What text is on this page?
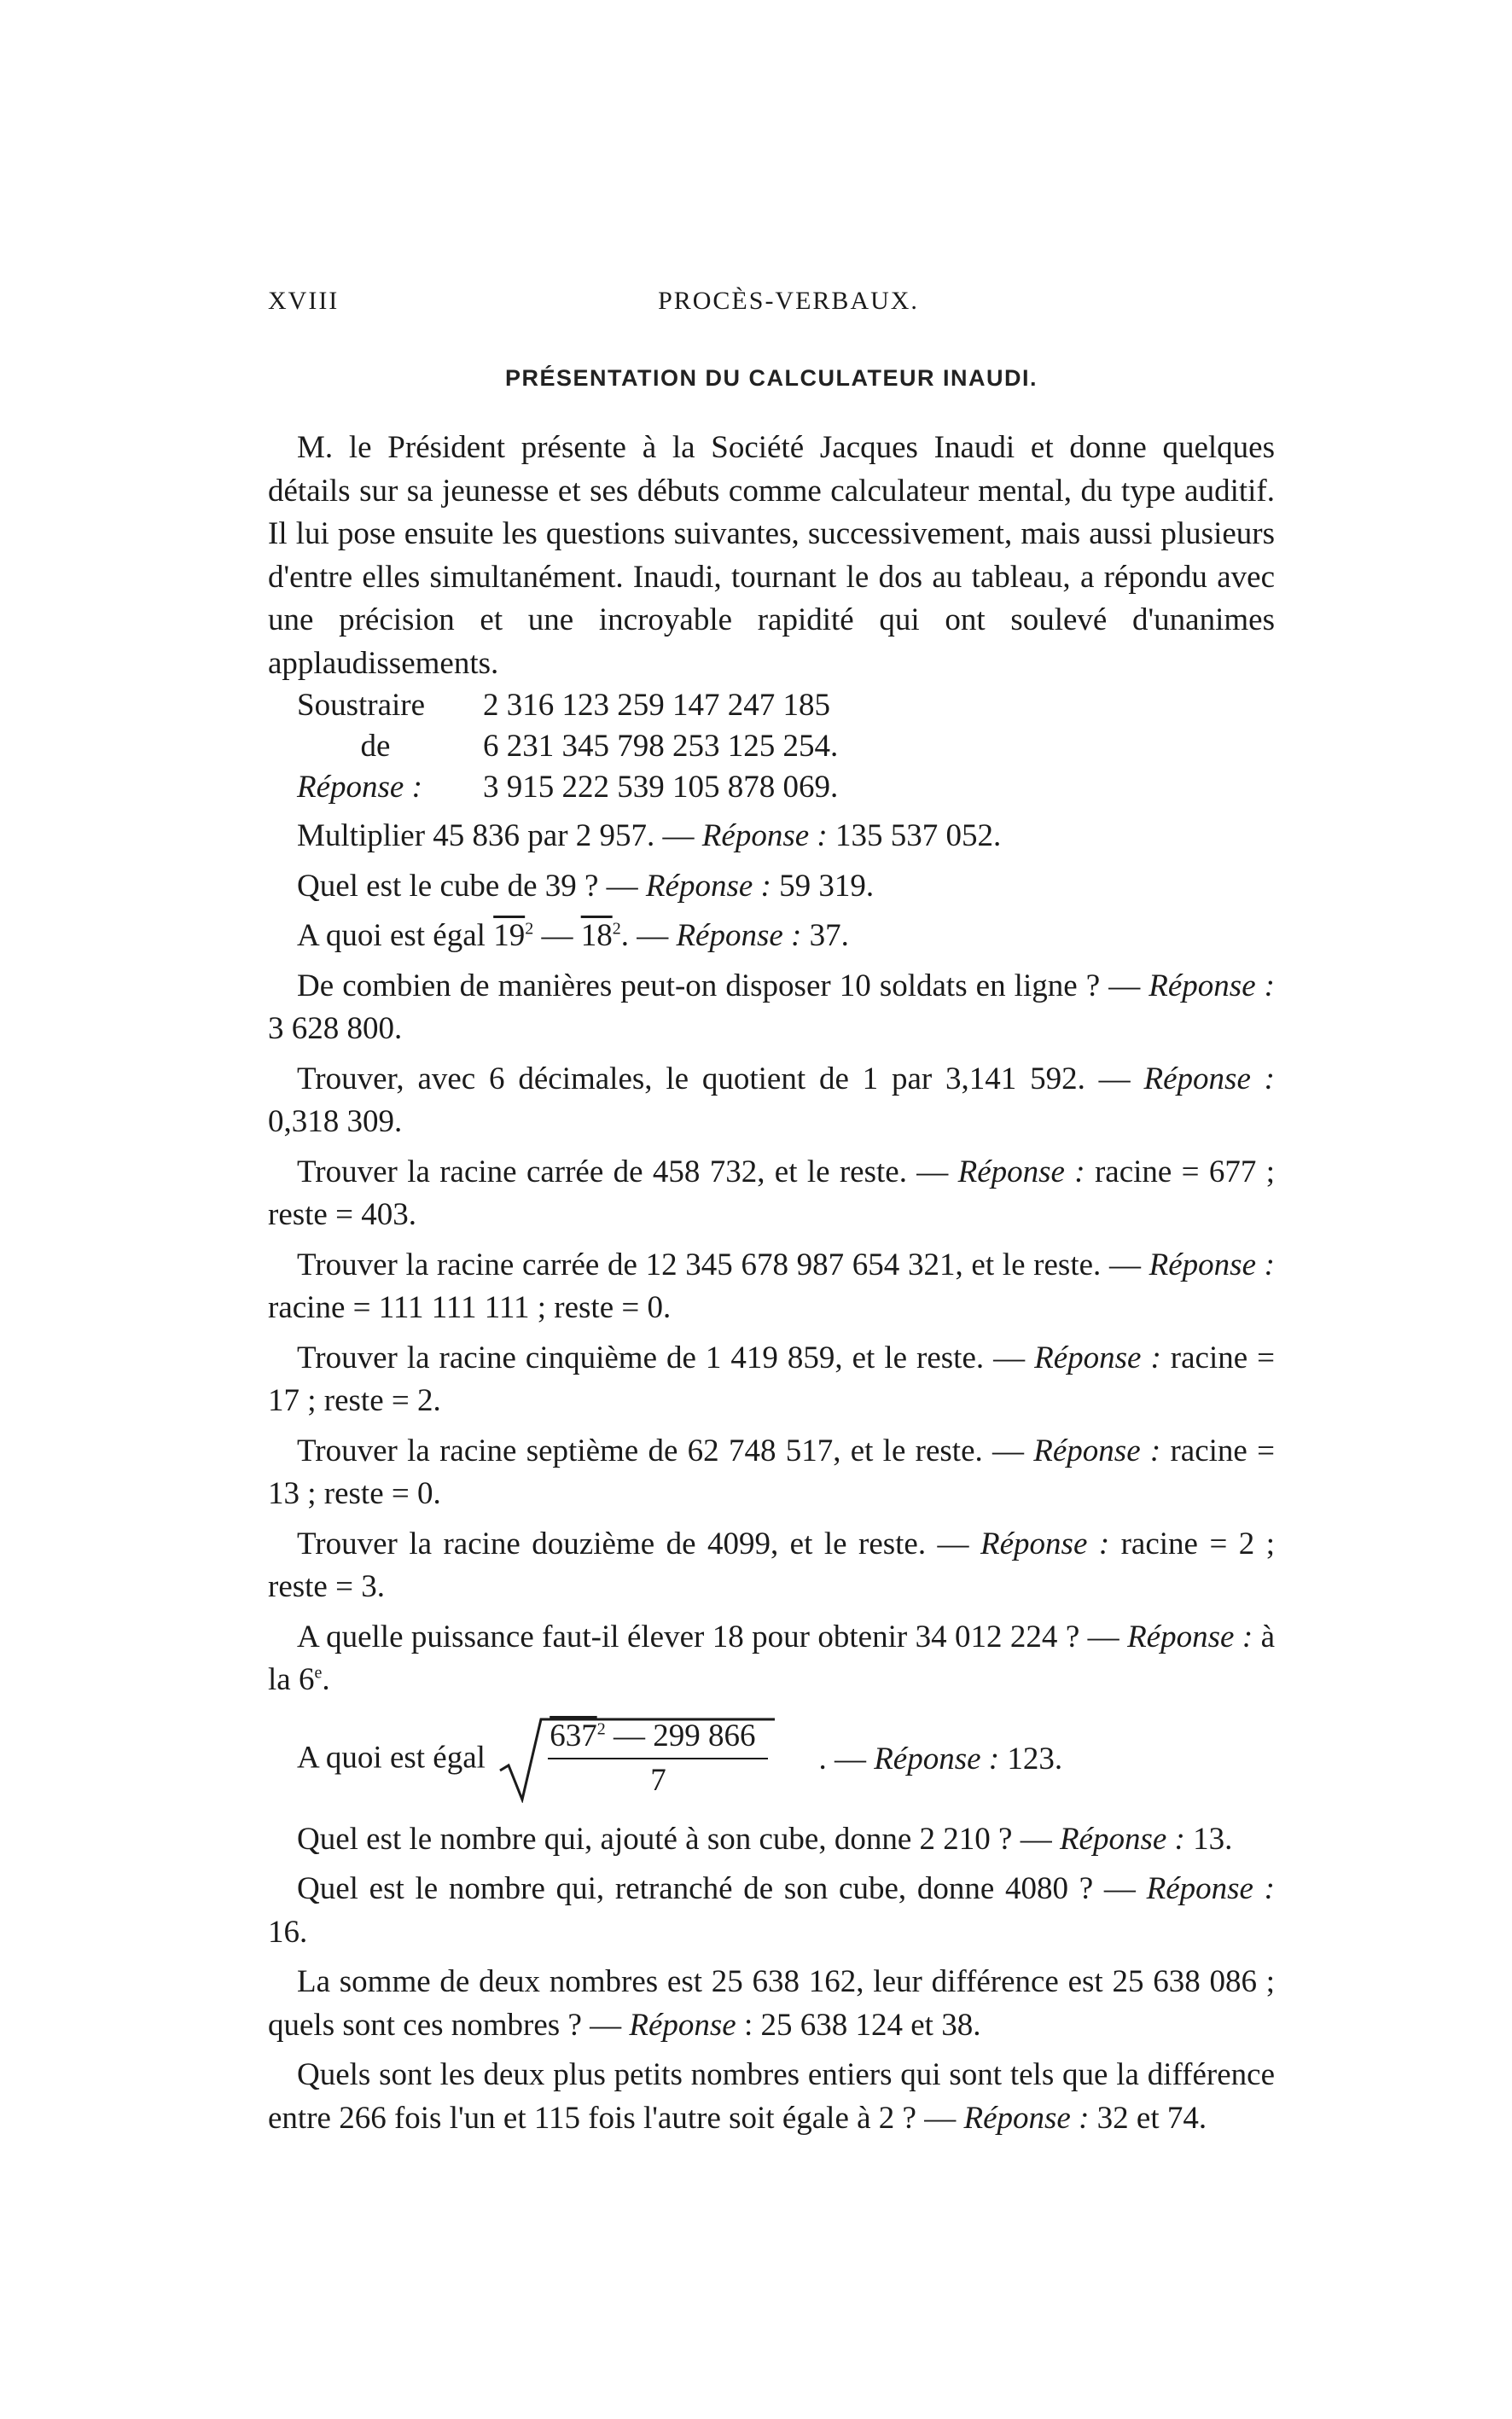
XVIII	PROCÈS-VERBAUX.
PRÉSENTATION DU CALCULATEUR INAUDI.

M. le Président présente à la Société Jacques Inaudi et donne quelques détails sur sa jeunesse et ses débuts comme calculateur mental, du type auditif. Il lui pose ensuite les questions suivantes, successivement, mais aussi plusieurs d'entre elles simultanément. Inaudi, tournant le dos au tableau, a répondu avec une précision et une incroyable rapidité qui ont soulevé d'unanimes applaudissements.

Soustraire	2 316 123 259 147 247 185
de	6 231 345 798 253 125 254.
Réponse :	3 915 222 539 105 878 069.

Multiplier 45 836 par 2 957. — Réponse : 135 537 052.

Quel est le cube de 39 ? — Réponse : 59 319.

A quoi est égal $19^2$ — $18^2$. — Réponse : 37.

De combien de manières peut-on disposer 10 soldats en ligne ? — Réponse : 3 628 800.

Trouver, avec 6 décimales, le quotient de 1 par 3,141 592. — Réponse : 0,318 309.

Trouver la racine carrée de 458 732, et le reste. — Réponse : racine = 677 ; reste = 403.

Trouver la racine carrée de 12 345 678 987 654 321, et le reste. — Réponse : racine = 111 111 111 ; reste = 0.

Trouver la racine cinquième de 1 419 859, et le reste. — Réponse : racine = 17 ; reste = 2.

Trouver la racine septième de 62 748 517, et le reste. — Réponse : racine = 13 ; reste = 0.

Trouver la racine douzième de 4099, et le reste. — Réponse : racine = 2 ; reste = 3.

A quelle puissance faut-il élever 18 pour obtenir 34 012 224 ? — Réponse : à la 6e.

A quoi est égal
$637^2$ — 299 866
7
. — Réponse : 123.

Quel est le nombre qui, ajouté à son cube, donne 2 210 ? — Réponse : 13.

Quel est le nombre qui, retranché de son cube, donne 4080 ? — Réponse : 16.

La somme de deux nombres est 25 638 162, leur différence est 25 638 086 ; quels sont ces nombres ? — Réponse : 25 638 124 et 38.

Quels sont les deux plus petits nombres entiers qui sont tels que la différence entre 266 fois l'un et 115 fois l'autre soit égale à 2 ? — Réponse : 32 et 74.
